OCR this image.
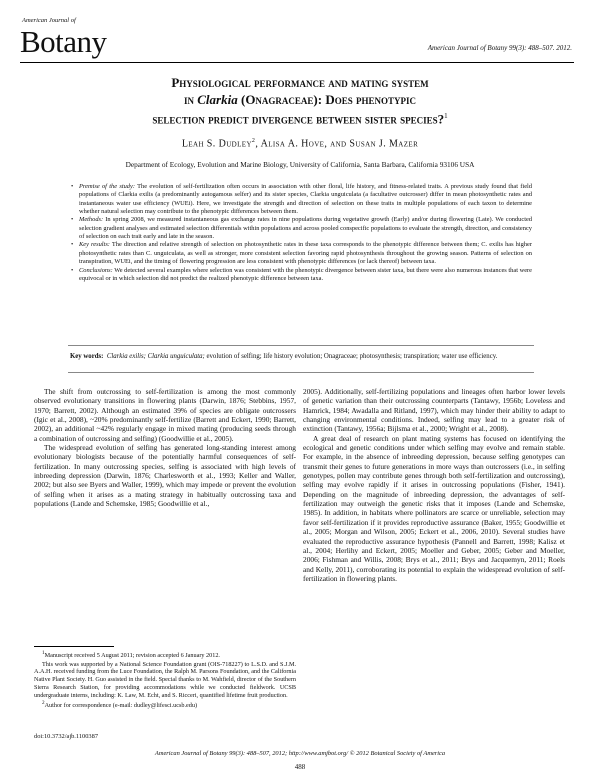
American Journal of
Botany	American Journal of Botany 99(3): 488–507. 2012.
Physiological performance and mating system
in Clarkia (Onagraceae): Does phenotypic
selection predict divergence between sister species?$^1$
Leah S. Dudley$^2$, Alisa A. Hove, and Susan J. Mazer
Department of Ecology, Evolution and Marine Biology, University of California, Santa Barbara, California 93106 USA
• Premise of the study: The evolution of self-fertilization often occurs in association with other floral, life history, and fitness-related traits. A previous study found that field populations of Clarkia exilis (a predominantly autogamous selfer) and its sister species, Clarkia unguiculata (a facultative outcrosser) differ in mean photosynthetic rates and instantaneous water use efficiency (WUEi). Here, we investigate the strength and direction of selection on these traits in multiple populations of each taxon to determine whether natural selection may contribute to the phenotypic differences between them.
• Methods: In spring 2008, we measured instantaneous gas exchange rates in nine populations during vegetative growth (Early) and/or during flowering (Late). We conducted selection gradient analyses and estimated selection differentials within populations and across pooled conspecific populations to evaluate the strength, direction, and consistency of selection on each trait early and late in the season.
• Key results: The direction and relative strength of selection on photosynthetic rates in these taxa corresponds to the phenotypic difference between them; C. exilis has higher photosynthetic rates than C. unguiculata, as well as stronger, more consistent selection favoring rapid photosynthesis throughout the growing season. Patterns of selection on transpiration, WUEi, and the timing of flowering progression are less consistent with phenotypic differences (or lack thereof) between taxa.
• Conclusions: We detected several examples where selection was consistent with the phenotypic divergence between sister taxa, but there were also numerous instances that were equivocal or in which selection did not predict the realized phenotypic difference between taxa.
Key words: Clarkia exilis; Clarkia unguiculata; evolution of selfing; life history evolution; Onagraceae; photosynthesis; transpiration; water use efficiency.

The shift from outcrossing to self-fertilization is among the most commonly observed evolutionary transitions in flowering plants (Darwin, 1876; Stebbins, 1957, 1970; Barrett, 2002). Although an estimated 39% of species are obligate outcrossers (Igic et al., 2008), ~20% predominantly self-fertilize (Barrett and Eckert, 1990; Barrett, 2002), an additional ~42% regularly engage in mixed mating (producing seeds through a combination of outcrossing and selfing) (Goodwillie et al., 2005).

The widespread evolution of selfing has generated long-standing interest among evolutionary biologists because of the potentially harmful consequences of self-fertilization. In many outcrossing species, selfing is associated with high levels of inbreeding depression (Darwin, 1876; Charlesworth et al., 1993; Keller and Waller, 2002; but also see Byers and Waller, 1999), which may impede or prevent the evolution of selfing when it arises as a mating strategy in habitually outcrossing taxa and populations (Lande and Schemske, 1985; Goodwillie et al.,

2005). Additionally, self-fertilizing populations and lineages often harbor lower levels of genetic variation than their outcrossing counterparts (Tantawy, 1956b; Loveless and Hamrick, 1984; Awadalla and Ritland, 1997), which may hinder their ability to adapt to changing environmental conditions. Indeed, selfing may lead to a greater risk of extinction (Tantawy, 1956a; Bijlsma et al., 2000; Wright et al., 2008).

A great deal of research on plant mating systems has focused on identifying the ecological and genetic conditions under which selfing may evolve and remain stable. For example, in the absence of inbreeding depression, because selfing genotypes can transmit their genes to future generations in more ways than outcrossers (i.e., in selfing genotypes, pollen may contribute genes through both self-fertilization and outcrossing), selfing may evolve rapidly if it arises in outcrossing populations (Fisher, 1941). Depending on the magnitude of inbreeding depression, the advantages of self-fertilization may outweigh the genetic risks that it imposes (Lande and Schemske, 1985). In addition, in habitats where pollinators are scarce or unreliable, selection may favor self-fertilization if it provides reproductive assurance (Baker, 1955; Goodwillie et al., 2005; Morgan and Wilson, 2005; Eckert et al., 2006, 2010). Several studies have evaluated the reproductive assurance hypothesis (Pannell and Barrett, 1998; Kalisz et al., 2004; Herlihy and Eckert, 2005; Moeller and Geber, 2005; Geber and Moeller, 2006; Fishman and Willis, 2008; Brys et al., 2011; Brys and Jacquemyn, 2011; Roels and Kelly, 2011), corroborating its potential to explain the widespread evolution of self-fertilization in flowering plants.

$^1$Manuscript received 5 August 2011; revision accepted 6 January 2012.

This work was supported by a National Science Foundation grant (OIS-718227) to L.S.D. and S.J.M. A.A.H. received funding from the Luce Foundation, the Ralph M. Parsons Foundation, and the California Native Plant Society. H. Guo assisted in the field. Special thanks to M. Wahfield, director of the Southern Sierra Research Station, for providing accommodations while we conducted fieldwork. UCSB undergraduate interns, including: K. Law, M. Echt, and S. Ricceri, quantified lifetime fruit production.

$^2$Author for correspondence (e-mail: dudley@lifesci.ucsb.edu)

doi:10.3732/ajb.1100387
American Journal of Botany 99(3): 488–507, 2012; http://www.amjbot.org/ © 2012 Botanical Society of America
488
